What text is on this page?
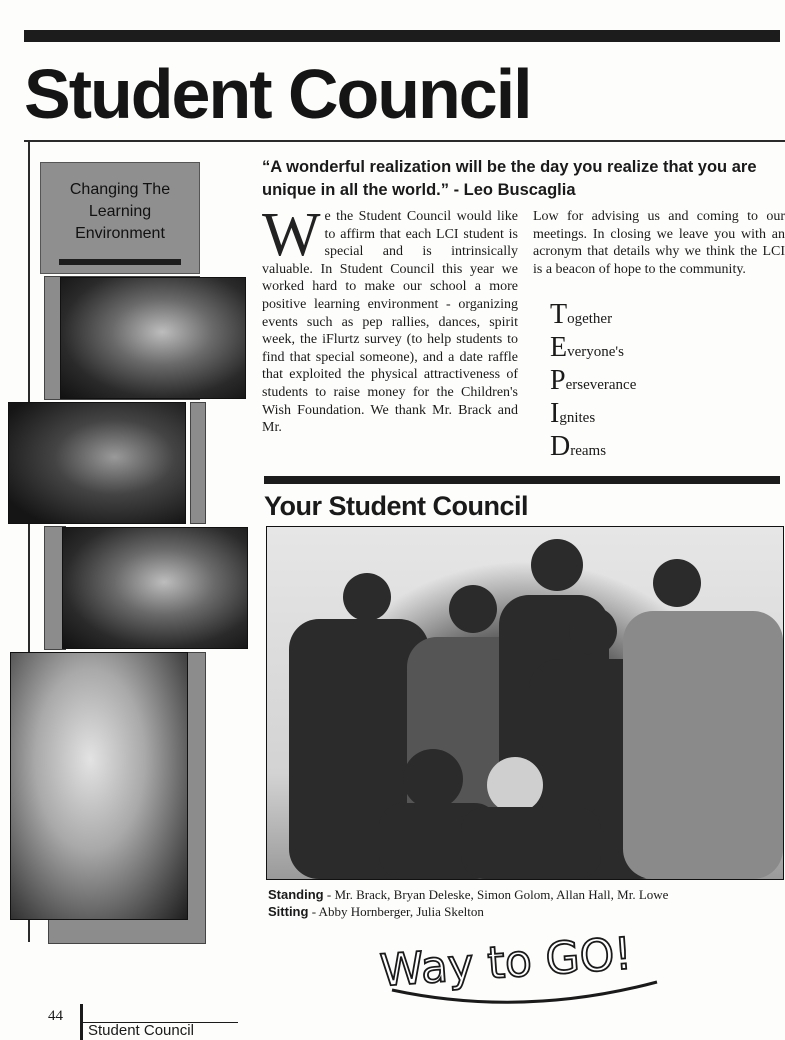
Student Council
Changing The
Learning
Environment

“A wonderful realization will be the day you realize that you are unique in all the world.” - Leo Buscaglia

We the Student Council would like to affirm that each LCI student is special and is intrinsically valuable. In Student Council this year we worked hard to make our school a more positive learning environment - organizing events such as pep rallies, dances, spirit week, the iFlurtz survey (to help students to find that special someone), and a date raffle that exploited the physical attractiveness of students to raise money for the Children's Wish Foundation. We thank Mr. Brack and Mr.
Low for advising us and coming to our meetings. In closing we leave you with an acronym that details why we think the LCI is a beacon of hope to the community.
T ogether
E veryone's
P erseverance
I gnites
D reams
Your Student Council

Standing - Mr. Brack, Bryan Deleske, Simon Golom, Allan Hall, Mr. Lowe
Sitting - Abby Hornberger, Julia Skelton

Way to GO!
44
Student Council
